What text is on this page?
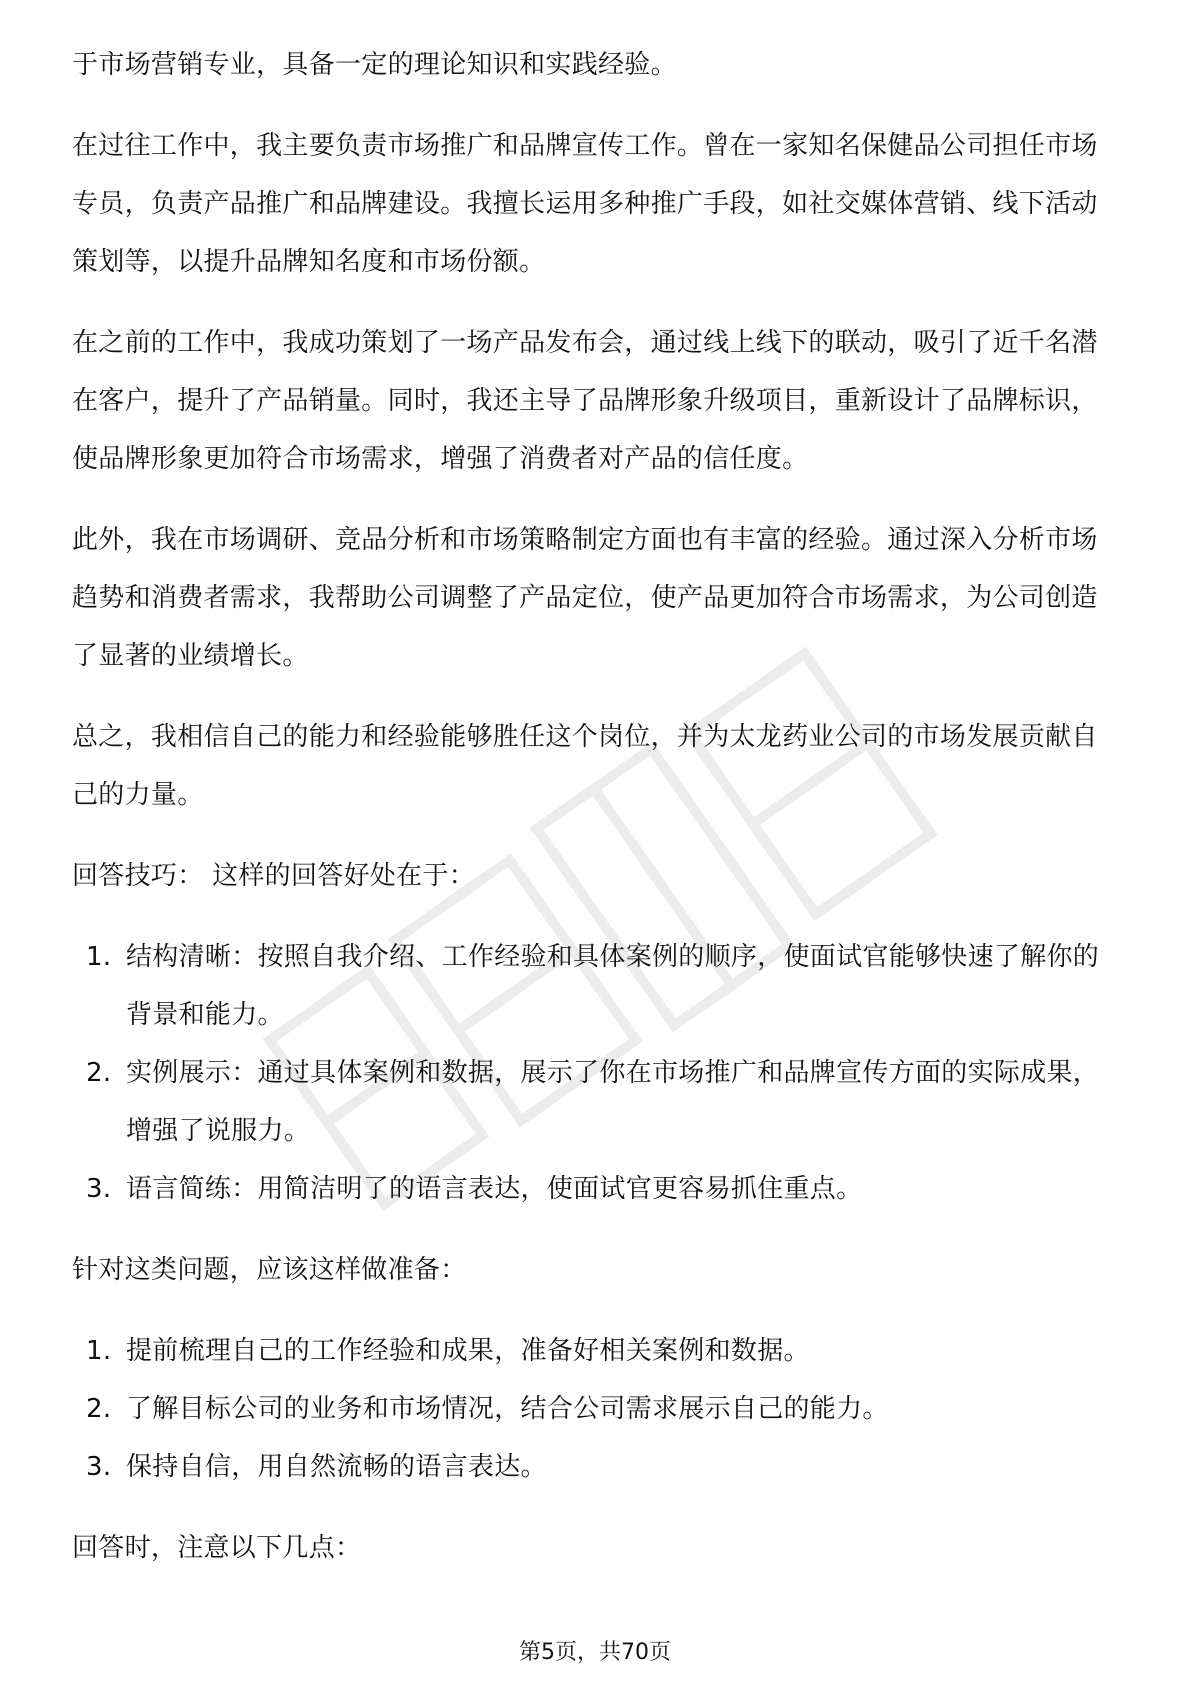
于市场营销专业，具备一定的理论知识和实践经验。

在过往工作中，我主要负责市场推广和品牌宣传工作。曾在一家知名保健品公司担任市场专员，负责产品推广和品牌建设。我擅长运用多种推广手段，如社交媒体营销、线下活动策划等，以提升品牌知名度和市场份额。

在之前的工作中，我成功策划了一场产品发布会，通过线上线下的联动，吸引了近千名潜在客户，提升了产品销量。同时，我还主导了品牌形象升级项目，重新设计了品牌标识，使品牌形象更加符合市场需求，增强了消费者对产品的信任度。

此外，我在市场调研、竞品分析和市场策略制定方面也有丰富的经验。通过深入分析市场趋势和消费者需求，我帮助公司调整了产品定位，使产品更加符合市场需求，为公司创造了显著的业绩增长。

总之，我相信自己的能力和经验能够胜任这个岗位，并为太龙药业公司的市场发展贡献自己的力量。

回答技巧： 这样的回答好处在于：

1. 结构清晰：按照自我介绍、工作经验和具体案例的顺序，使面试官能够快速了解你的背景和能力。
2. 实例展示：通过具体案例和数据，展示了你在市场推广和品牌宣传方面的实际成果，增强了说服力。
3. 语言简练：用简洁明了的语言表达，使面试官更容易抓住重点。

针对这类问题，应该这样做准备：

1. 提前梳理自己的工作经验和成果，准备好相关案例和数据。
2. 了解目标公司的业务和市场情况，结合公司需求展示自己的能力。
3. 保持自信，用自然流畅的语言表达。

回答时，注意以下几点：

第5页，共70页
